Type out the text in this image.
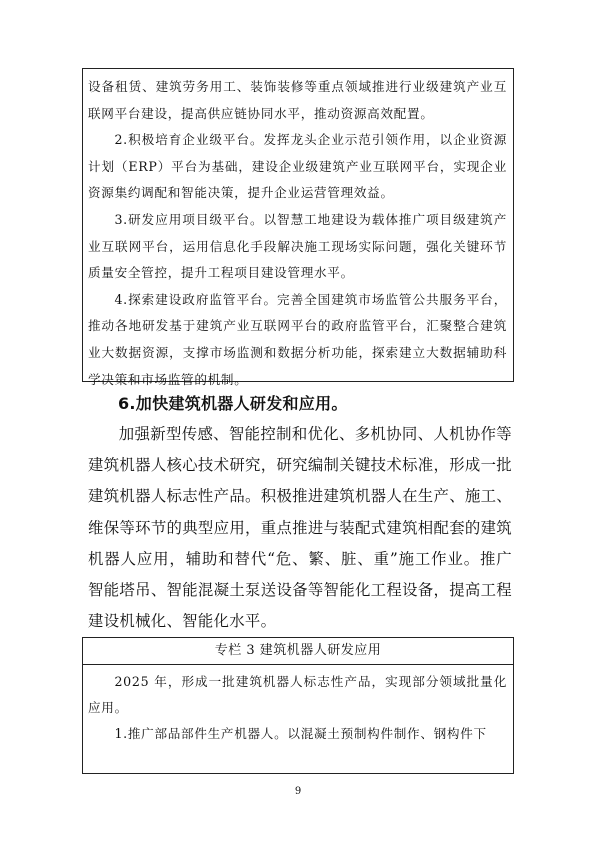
设备租赁、建筑劳务用工、装饰装修等重点领域推进行业级建筑产业互联网平台建设，提高供应链协同水平，推动资源高效配置。

2.积极培育企业级平台。发挥龙头企业示范引领作用，以企业资源计划（ERP）平台为基础，建设企业级建筑产业互联网平台，实现企业资源集约调配和智能决策，提升企业运营管理效益。

3.研发应用项目级平台。以智慧工地建设为载体推广项目级建筑产业互联网平台，运用信息化手段解决施工现场实际问题，强化关键环节质量安全管控，提升工程项目建设管理水平。

4.探索建设政府监管平台。完善全国建筑市场监管公共服务平台，推动各地研发基于建筑产业互联网平台的政府监管平台，汇聚整合建筑业大数据资源，支撑市场监测和数据分析功能，探索建立大数据辅助科学决策和市场监管的机制。

6.加快建筑机器人研发和应用。

加强新型传感、智能控制和优化、多机协同、人机协作等建筑机器人核心技术研究，研究编制关键技术标准，形成一批建筑机器人标志性产品。积极推进建筑机器人在生产、施工、维保等环节的典型应用，重点推进与装配式建筑相配套的建筑机器人应用，辅助和替代“危、繁、脏、重”施工作业。推广智能塔吊、智能混凝土泵送设备等智能化工程设备，提高工程建设机械化、智能化水平。

专栏 3 建筑机器人研发应用

2025 年，形成一批建筑机器人标志性产品，实现部分领域批量化应用。

1.推广部品部件生产机器人。以混凝土预制构件制作、钢构件下

9
